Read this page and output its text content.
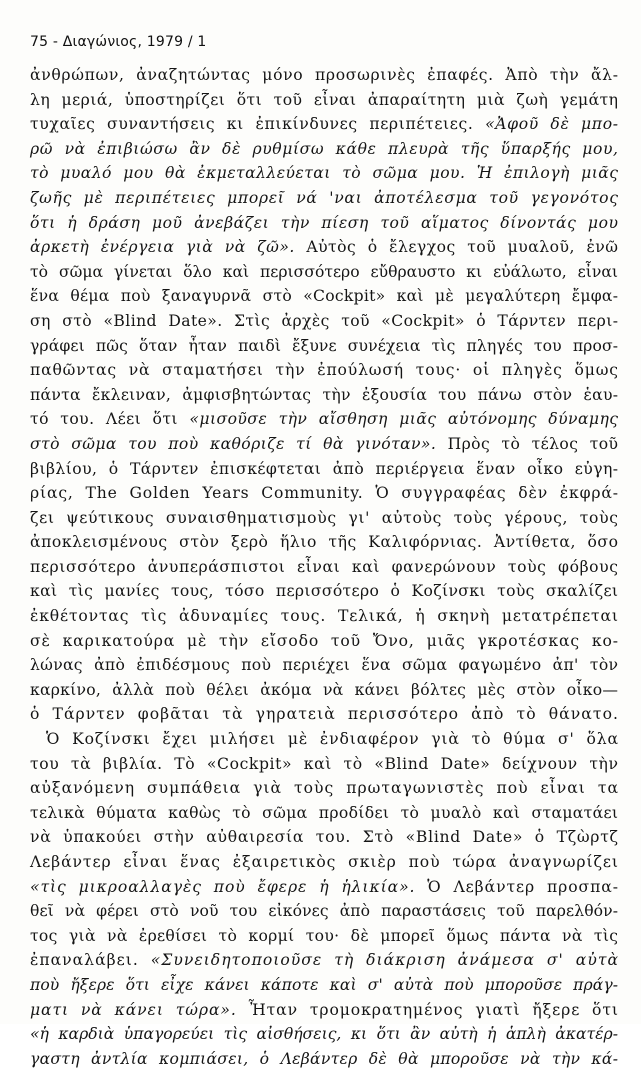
75 - Διαγώνιος, 1979 / 1
ἀνθρώπων, ἀναζητώντας μόνο προσωρινὲς ἐπαφές. Ἀπὸ τὴν ἄλ-
λη μεριά, ὑποστηρίζει ὅτι τοῦ εἶναι ἀπαραίτητη μιὰ ζωὴ γεμάτη
τυχαῖες συναντήσεις κι ἐπικίνδυνες περιπέτειες. «Ἀφοῦ δὲ μπο-
ρῶ νὰ ἐπιβιώσω ἂν δὲ ρυθμίσω κάθε πλευρὰ τῆς ὕπαρξής μου,
τὸ μυαλό μου θὰ ἐκμεταλλεύεται τὸ σῶμα μου. Ἡ ἐπιλογὴ μιᾶς
ζωῆς μὲ περιπέτειες μπορεῖ νά 'ναι ἀποτέλεσμα τοῦ γεγονότος
ὅτι ἡ δράση μοῦ ἀνεβάζει τὴν πίεση τοῦ αἵματος δίνοντάς μου
ἀρκετὴ ἐνέργεια γιὰ νὰ ζῶ». Αὐτὸς ὁ ἔλεγχος τοῦ μυαλοῦ, ἐνῶ
τὸ σῶμα γίνεται ὅλο καὶ περισσότερο εὔθραυστο κι εὐάλωτο, εἶναι
ἕνα θέμα ποὺ ξαναγυρνᾶ στὸ «Cockpit» καὶ μὲ μεγαλύτερη ἔμφα-
ση στὸ «Blind Date». Στὶς ἀρχὲς τοῦ «Cockpit» ὁ Τάρντεν περι-
γράφει πῶς ὅταν ἦταν παιδὶ ἔξυνε συνέχεια τὶς πληγές του προσ-
παθῶντας νὰ σταματήσει τὴν ἐπούλωσή τους· οἱ πληγὲς ὅμως
πάντα ἔκλειναν, ἀμφισβητώντας τὴν ἐξουσία του πάνω στὸν ἑαυ-
τό του. Λέει ὅτι «μισοῦσε τὴν αἴσθηση μιᾶς αὐτόνομης δύναμης
στὸ σῶμα του ποὺ καθόριζε τί θὰ γινόταν». Πρὸς τὸ τέλος τοῦ
βιβλίου, ὁ Τάρντεν ἐπισκέφτεται ἀπὸ περιέργεια ἕναν οἶκο εὐγη-
ρίας, The Golden Years Community. Ὁ συγγραφέας δὲν ἐκφρά-
ζει ψεύτικους συναισθηματισμοὺς γι' αὐτοὺς τοὺς γέρους, τοὺς
ἀποκλεισμένους στὸν ξερὸ ἥλιο τῆς Καλιφόρνιας. Ἀντίθετα, ὅσο
περισσότερο ἀνυπεράσπιστοι εἶναι καὶ φανερώνουν τοὺς φόβους
καὶ τὶς μανίες τους, τόσο περισσότερο ὁ Κοζίνσκι τοὺς σκαλίζει
ἐκθέτοντας τὶς ἀδυναμίες τους. Τελικά, ἡ σκηνὴ μετατρέπεται
σὲ καρικατούρα μὲ τὴν εἴσοδο τοῦ Ὄνο, μιᾶς γκροτέσκας κο-
λώνας ἀπὸ ἐπιδέσμους ποὺ περιέχει ἕνα σῶμα φαγωμένο ἀπ' τὸν
καρκίνο, ἀλλὰ ποὺ θέλει ἀκόμα νὰ κάνει βόλτες μὲς στὸν οἶκο—
ὁ Τάρντεν φοβᾶται τὰ γηρατειὰ περισσότερο ἀπὸ τὸ θάνατο.
Ὁ Κοζίνσκι ἔχει μιλήσει μὲ ἐνδιαφέρον γιὰ τὸ θύμα σ' ὅλα
του τὰ βιβλία. Τὸ «Cockpit» καὶ τὸ «Blind Date» δείχνουν τὴν
αὐξανόμενη συμπάθεια γιὰ τοὺς πρωταγωνιστὲς ποὺ εἶναι τα
τελικὰ θύματα καθὼς τὸ σῶμα προδίδει τὸ μυαλὸ καὶ σταματάει
νὰ ὑπακούει στὴν αὐθαιρεσία του. Στὸ «Blind Date» ὁ Τζὼρτζ
Λεβάντερ εἶναι ἕνας ἐξαιρετικὸς σκιὲρ ποὺ τώρα ἀναγνωρίζει
«τὶς μικροαλλαγὲς ποὺ ἔφερε ἡ ἡλικία». Ὁ Λεβάντερ προσπα-
θεῖ νὰ φέρει στὸ νοῦ του εἰκόνες ἀπὸ παραστάσεις τοῦ παρελθόν-
τος γιὰ νὰ ἐρεθίσει τὸ κορμί του· δὲ μπορεῖ ὅμως πάντα νὰ τὶς
ἐπαναλάβει. «Συνειδητοποιοῦσε τὴ διάκριση ἀνάμεσα σ' αὐτὰ
ποὺ ἤξερε ὅτι εἶχε κάνει κάποτε καὶ σ' αὐτὰ ποὺ μποροῦσε πράγ-
ματι νὰ κάνει τώρα». Ἦταν τρομοκρατημένος γιατὶ ἤξερε ὅτι
«ἡ καρδιὰ ὑπαγορεύει τὶς αἰσθήσεις, κι ὅτι ἂν αὐτὴ ἡ ἁπλὴ ἀκατέρ-
γαστη ἀντλία κομπιάσει, ὁ Λεβάντερ δὲ θὰ μποροῦσε νὰ τὴν κά-
